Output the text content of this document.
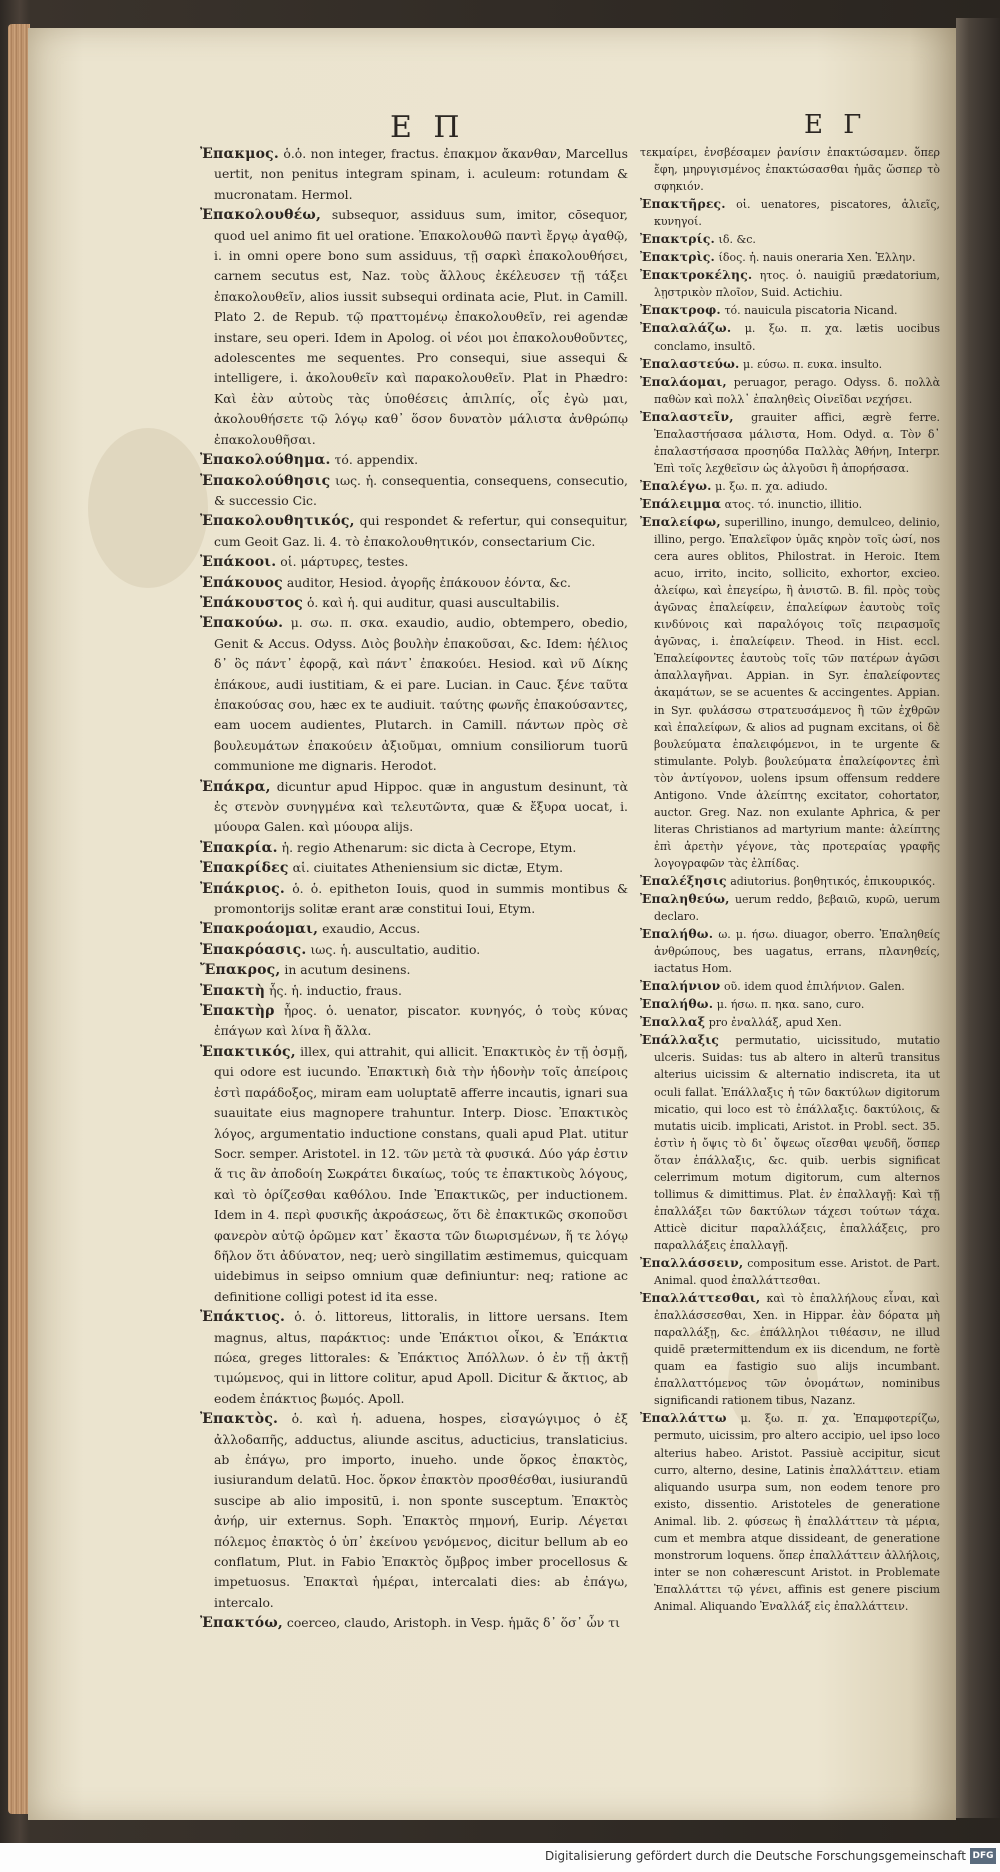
Ε Π	Ε Γ
Ἐπακμος. ὁ.ὁ. non integer, fractus. ἐπακμον ἄκανθαν, Marcellus uertit, non penitus integram spinam, i. aculeum: rotundam & mucronatam. Hermol.
Ἐπακολουθέω, subsequor, assiduus sum, imitor, cōsequor, quod uel animo fit uel oratione. Ἐπακολουθῶ παντὶ ἔργῳ ἀγαθῷ, i. in omni opere bono sum assiduus, τῇ σαρκὶ ἐπακολουθήσει, carnem secutus est, Naz. τοὺς ἄλλους ἐκέλευσεν τῇ τάξει ἐπακολουθεῖν, alios iussit subsequi ordinata acie, Plut. in Camill. Plato 2. de Repub. τῷ πραττομένῳ ἐπακολουθεῖν, rei agendæ instare, seu operi. Idem in Apolog. οἱ νέοι μοι ἐπακολουθοῦντες, adolescentes me sequentes. Pro consequi, siue assequi & intelligere, i. ἀκολουθεῖν καὶ παρακολουθεῖν. Plat in Phædro: Καὶ ἐὰν αὐτοὺς τὰς ὑποθέσεις ἀπιλπίς, οἷς ἐγὼ μαι, ἀκολουθήσετε τῷ λόγῳ καθ᾽ ὅσον δυνατὸν μάλιστα ἀνθρώπῳ ἐπακολουθῆσαι.
Ἐπακολούθημα. τό. appendix.
Ἐπακολούθησις ιως. ἡ. consequentia, consequens, consecutio, & successio Cic.
Ἐπακολουθητικός, qui respondet & refertur, qui consequitur, cum Geoit Gaz. li. 4. τὸ ἐπακολουθητικόν, consectarium Cic.
Ἐπάκοοι. οἱ. μάρτυρες, testes.
Ἐπάκουος auditor, Hesiod. ἀγορῆς ἐπάκουον ἐόντα, &c.
Ἐπάκουστος ὁ. καὶ ἡ. qui auditur, quasi auscultabilis.
Ἐπακούω. μ. σω. π. σκα. exaudio, audio, obtempero, obedio, Genit & Accus. Odyss. Διὸς βουλὴν ἐπακοῦσαι, &c. Idem: ἠέλιος δ᾽ ὃς πάντ᾽ ἐφορᾷ, καὶ πάντ᾽ ἐπακούει. Hesiod. καὶ νῦ Δίκης ἐπάκουε, audi iustitiam, & ei pare. Lucian. in Cauc. ξένε ταῦτα ἐπακούσας σου, hæc ex te audiuit. ταύτης φωνῆς ἐπακούσαντες, eam uocem audientes, Plutarch. in Camill. πάντων πρὸς σὲ βουλευμάτων ἐπακούειν ἀξιοῦμαι, omnium consiliorum tuorū communione me dignaris. Herodot.
Ἐπάκρα, dicuntur apud Hippoc. quæ in angustum desinunt, τὰ ἐς στενὸν συνηγμένα καὶ τελευτῶντα, quæ & ἔξυρα uocat, i. μύουρα Galen. καὶ μύουρα alijs.
Ἐπακρία. ἡ. regio Athenarum: sic dicta à Cecrope, Etym.
Ἐπακρίδες αἱ. ciuitates Atheniensium sic dictæ, Etym.
Ἐπάκριος. ὁ. ὁ. epitheton Iouis, quod in summis montibus & promontorijs solitæ erant aræ constitui Ioui, Etym.
Ἐπακροάομαι, exaudio, Accus.
Ἐπακρόασις. ιως. ἡ. auscultatio, auditio.
Ἔπακρος, in acutum desinens.
Ἐπακτὴ ἧς. ἡ. inductio, fraus.
Ἐπακτὴρ ἦρος. ὁ. uenator, piscator. κυνηγός, ὁ τοὺς κύνας ἐπάγων καὶ λίνα ἢ ἄλλα.
Ἐπακτικός, illex, qui attrahit, qui allicit. Ἐπακτικὸς ἐν τῇ ὀσμῇ, qui odore est iucundo. Ἐπακτικὴ διὰ τὴν ἡδονὴν τοῖς ἀπείροις ἐστὶ παράδοξος, miram eam uoluptatē afferre incautis, ignari sua suauitate eius magnopere trahuntur. Interp. Diosc. Ἐπακτικὸς λόγος, argumentatio inductione constans, quali apud Plat. utitur Socr. semper. Aristotel. in 12. τῶν μετὰ τὰ φυσικά. Δύο γάρ ἐστιν ἅ τις ἂν ἀποδοίη Σωκράτει δικαίως, τούς τε ἐπακτικοὺς λόγους, καὶ τὸ ὁρίζεσθαι καθόλου. Inde Ἐπακτικῶς, per inductionem. Idem in 4. περὶ φυσικῆς ἀκροάσεως, ὅτι δὲ ἐπακτικῶς σκοποῦσι φανερὸν αὐτῷ ὁρῶμεν κατ᾽ ἔκαστα τῶν διωρισμένων, ἥ τε λόγῳ δῆλον ὅτι ἀδύνατον, neq; uerò singillatim æstimemus, quicquam uidebimus in seipso omnium quæ definiuntur: neq; ratione ac definitione colligi potest id ita esse.
Ἐπάκτιος. ὁ. ὁ. littoreus, littoralis, in littore uersans. Item magnus, altus, παράκτιος: unde Ἐπάκτιοι οἶκοι, & Ἐπάκτια πώεα, greges littorales: & Ἐπάκτιος Ἀπόλλων. ὁ ἐν τῇ ἀκτῇ τιμώμενος, qui in littore colitur, apud Apoll. Dicitur & ἄκτιος, ab eodem ἐπάκτιος βωμός. Apoll.
Ἐπακτὸς. ὁ. καὶ ἡ. aduena, hospes, εἰσαγώγιμος ὁ ἐξ ἀλλοδαπῆς, adductus, aliunde ascitus, aducticius, translaticius. ab ἐπάγω, pro importo, inueho. unde ὅρκος ἐπακτὸς, iusiurandum delatū. Hoc. ὅρκον ἐπακτὸν προσθέσθαι, iusiurandū suscipe ab alio impositū, i. non sponte susceptum. Ἐπακτὸς ἀνήρ, uir externus. Soph. Ἐπακτὸς πημονή, Eurip. Λέγεται πόλεμος ἐπακτὸς ὁ ὑπ᾽ ἐκείνου γενόμενος, dicitur bellum ab eo conflatum, Plut. in Fabio Ἐπακτὸς ὄμβρος imber procellosus & impetuosus. Ἐπακταὶ ἡμέραι, intercalati dies: ab ἐπάγω, intercalo.
Ἐπακτόω, coerceo, claudo, Aristoph. in Vesp. ἡμᾶς δ᾽ ὅσ᾽ ὦν τι
τεκμαίρει, ἐνσβέσαμεν ῥανίσιν ἐπακτώσαμεν. ὅπερ ἔφη, μηρυγισμένος ἐπακτώσασθαι ἡμᾶς ὥσπερ τὸ σφηκιόν.
Ἐπακτῆρες. οἱ. uenatores, piscatores, ἁλιεῖς, κυνηγοί.
Ἐπακτρίς. ιδ. &c.
Ἐπακτρὶς. ίδος. ἡ. nauis oneraria Xen. Ἑλλην.
Ἐπακτροκέλης. ητος. ὁ. nauigiū prædatorium, λῃστρικὸν πλοῖον, Suid. Actichiu.
Ἐπακτροφ. τό. nauicula piscatoria Nicand.
Ἐπαλαλάζω. μ. ξω. π. χα. lætis uocibus conclamo, insultō.
Ἐπαλαστεύω. μ. εύσω. π. ευκα. insulto.
Ἐπαλάομαι, peruagor, perago. Odyss. δ. πολλὰ παθὼν καὶ πολλ᾽ ἐπαληθεὶς Οἰνεῖδαι νεχήσει.
Ἐπαλαστεῖν, grauiter affici, ægrè ferre. Ἐπαλαστήσασα μάλιστα, Hom. Odyd. α. Τὸν δ᾽ ἐπαλαστήσασα προσηύδα Παλλὰς Ἀθήνη, Interpr. Ἐπὶ τοῖς λεχθεῖσιν ὡς ἀλγοῦσι ἢ ἀπορήσασα.
Ἐπαλέγω. μ. ξω. π. χα. adiudo.
Ἐπάλειμμα ατος. τό. inunctio, illitio.
Ἐπαλείφω, superillino, inungo, demulceo, delinio, illino, pergo. Ἐπαλεῖφον ὑμᾶς κηρὸν τοῖς ὠσί, nos cera aures oblitos, Philostrat. in Heroic. Item acuo, irrito, incito, sollicito, exhortor, excieo. ἀλείφω, καὶ ἐπεγείρω, ἢ ἀνιστῶ. B. fil. πρὸς τοὺς ἀγῶνας ἐπαλείφειν, ἐπαλείφων ἑαυτοὺς τοῖς κινδύνοις καὶ παραλόγοις τοῖς πειρασμοῖς ἀγῶνας, i. ἐπαλείφειν. Theod. in Hist. eccl. Ἐπαλείφοντες ἑαυτοὺς τοῖς τῶν πατέρων ἀγῶσι ἀπαλλαγῆναι. Appian. in Syr. ἐπαλείφοντες ἀκαμάτων, se se acuentes & accingentes. Appian. in Syr. φυλάσσω στρατευσάμενος ἢ τῶν ἐχθρῶν καὶ ἐπαλείφων, & alios ad pugnam excitans, οἱ δὲ βουλεύματα ἐπαλειφόμενοι, in te urgente & stimulante. Polyb. βουλεύματα ἐπαλείφοντες ἐπὶ τὸν ἀντίγονον, uolens ipsum offensum reddere Antigono. Vnde ἀλείπτης excitator, cohortator, auctor. Greg. Naz. non exulante Aphrica, & per literas Christianos ad martyrium mante: ἀλείπτης ἐπὶ ἀρετὴν γέγονε, τὰς προτεραίας γραφῆς λογογραφῶν τὰς ἐλπίδας.
Ἐπαλέξησις adiutorius. βοηθητικός, ἐπικουρικός.
Ἐπαληθεύω, uerum reddo, βεβαιῶ, κυρῶ, uerum declaro.
Ἐπαλήθω. ω. μ. ήσω. diuagor, oberro. Ἐπαληθείς ἀνθρώπους, bes uagatus, errans, πλανηθείς, iactatus Hom.
Ἐπαλήνιον οῦ. idem quod ἐπιλήνιον. Galen.
Ἐπαλήθω. μ. ήσω. π. ηκα. sano, curo.
Ἐπαλλαξ pro ἐναλλάξ, apud Xen.
Ἐπάλλαξις permutatio, uicissitudo, mutatio ulceris. Suidas: tus ab altero in alterū transitus alterius uicissim & alternatio indiscreta, ita ut oculi fallat. Ἐπάλλαξις ἡ τῶν δακτύλων digitorum micatio, qui loco est τὸ ἐπάλλαξις. δακτύλοις, & mutatis uicib. implicati, Aristot. in Probl. sect. 35. ἐστὶν ἡ ὄψις τὸ δι᾽ ὄψεως οἴεσθαι ψευδῆ, ὅσπερ ὅταν ἐπάλλαξις, &c. quib. uerbis significat celerrimum motum digitorum, cum alternos tollimus & dimittimus. Plat. ἐν ἐπαλλαγῇ: Καὶ τῇ ἐπαλλάξει τῶν δακτύλων τάχεσι τούτων τάχα. Atticè dicitur παραλλάξεις, ἐπαλλάξεις, pro παραλλάξεις ἐπαλλαγῇ.
Ἐπαλλάσσειν, compositum esse. Aristot. de Part. Animal. quod ἐπαλλάττεσθαι.
Ἐπαλλάττεσθαι, καὶ τὸ ἐπαλλήλους εἶναι, καὶ ἐπαλλάσσεσθαι, Xen. in Hippar. ἐὰν δόρατα μὴ παραλλάξῃ, &c. ἐπάλληλοι τιθέασιν, ne illud quidē prætermittendum ex iis dicendum, ne fortè quam ea fastigio suo alijs incumbant. ἐπαλλαττόμενος τῶν ὀνομάτων, nominibus significandi rationem tibus, Nazanz.
Ἐπαλλάττω μ. ξω. π. χα. Ἐπαμφοτερίζω, permuto, uicissim, pro altero accipio, uel ipso loco alterius habeo. Aristot. Passiuè accipitur, sicut curro, alterno, desine, Latinis ἐπαλλάττειν. etiam aliquando usurpa sum, non eodem tenore pro existo, dissentio. Aristoteles de generatione Animal. lib. 2. φύσεως ἢ ἐπαλλάττειν τὰ μέρια, cum et membra atque dissideant, de generatione monstrorum loquens. ὅπερ ἐπαλλάττειν ἀλλήλοις, inter se non cohærescunt Aristot. in Problemate Ἐπαλλάττει τῷ γένει, affinis est genere piscium Animal. Aliquando Ἐναλλάξ εἰς ἐπαλλάττειν.
Digitalisierung gefördert durch die Deutsche Forschungsgemeinschaft DFG
